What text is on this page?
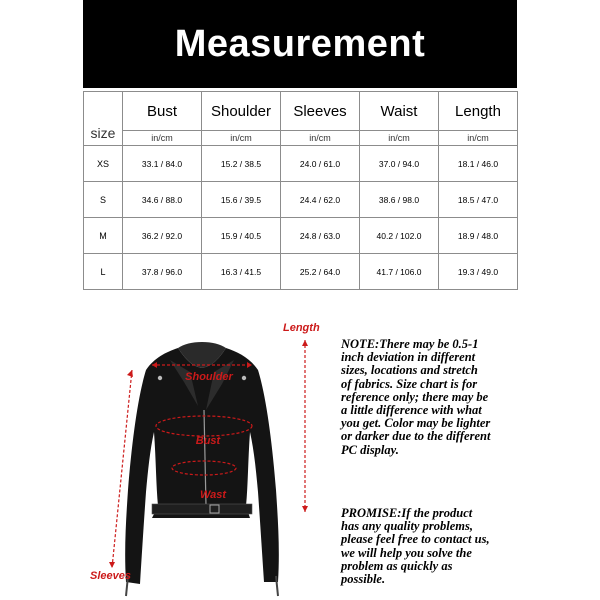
Measurement
size	Bust	Shoulder	Sleeves	Waist	Length
	in/cm	in/cm	in/cm	in/cm	in/cm
XS	33.1 / 84.0	15.2 / 38.5	24.0 / 61.0	37.0 / 94.0	18.1 / 46.0
S	34.6 / 88.0	15.6 / 39.5	24.4 / 62.0	38.6 / 98.0	18.5 / 47.0
M	36.2 / 92.0	15.9 / 40.5	24.8 / 63.0	40.2 / 102.0	18.9 / 48.0
L	37.8 / 96.0	16.3 / 41.5	25.2 / 64.0	41.7 / 106.0	19.3 / 49.0
Shoulder
Bust
Wast
Length
Sleeves

NOTE:There may be 0.5-1 inch deviation in different sizes, locations and stretch of fabrics. Size chart is for reference only; there may be a little difference with what you get. Color may be lighter or darker due to the different PC display.

PROMISE:If the product has any quality problems, please feel free to contact us, we will help you solve the problem as quickly as possible.
